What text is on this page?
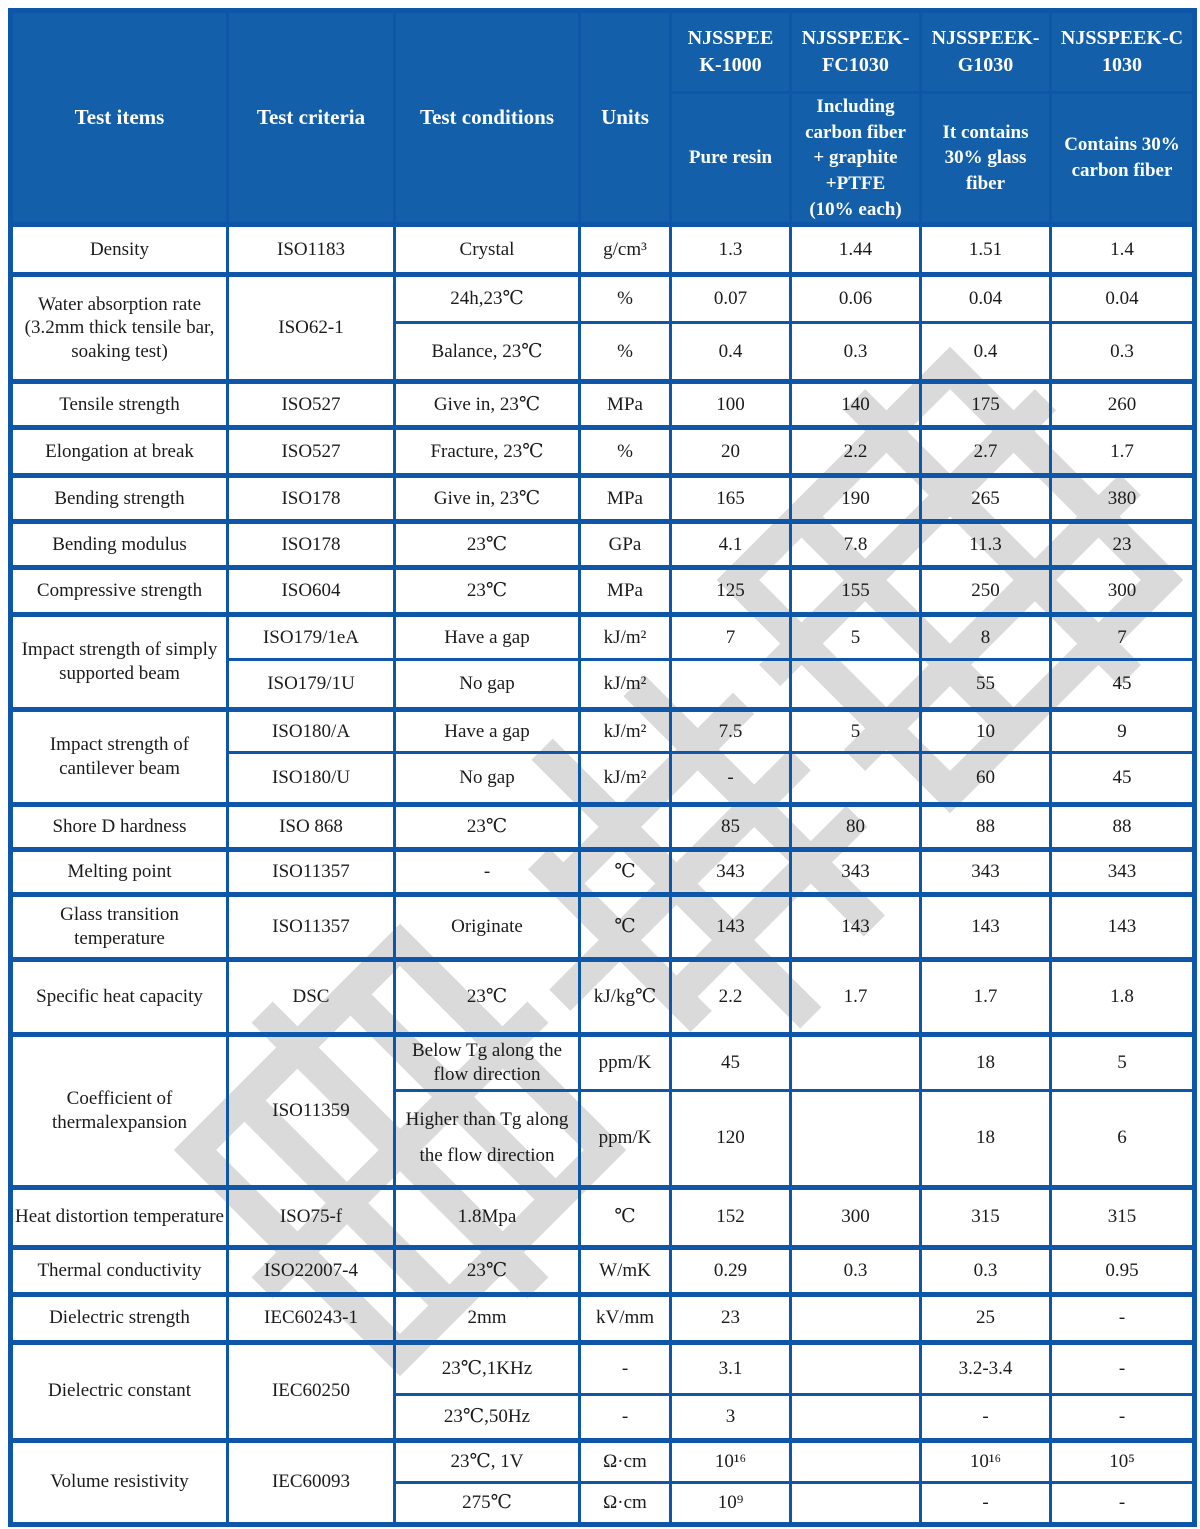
Test items	Test criteria	Test conditions	Units	NJSSPEEK-1000	NJSSPEEK-FC1030	NJSSPEEK-G1030	NJSSPEEK-C1030
				Pure resin	Including carbon fiber + graphite +PTFE (10% each)	It contains 30% glass fiber	Contains 30% carbon fiber
Density	ISO1183	Crystal	g/cm³	1.3	1.44	1.51	1.4
Water absorption rate (3.2mm thick tensile bar, soaking test)	ISO62-1	24h,23℃	%	0.07	0.06	0.04	0.04
		Balance, 23℃	%	0.4	0.3	0.4	0.3
Tensile strength	ISO527	Give in, 23℃	MPa	100	140	175	260
Elongation at break	ISO527	Fracture, 23℃	%	20	2.2	2.7	1.7
Bending strength	ISO178	Give in, 23℃	MPa	165	190	265	380
Bending modulus	ISO178	23℃	GPa	4.1	7.8	11.3	23
Compressive strength	ISO604	23℃	MPa	125	155	250	300
Impact strength of simply supported beam	ISO179/1eA	Have a gap	kJ/m²	7	5	8	7
	ISO179/1U	No gap	kJ/m²			55	45
Impact strength of cantilever beam	ISO180/A	Have a gap	kJ/m²	7.5	5	10	9
	ISO180/U	No gap	kJ/m²	-		60	45
Shore D hardness	ISO 868	23℃		85	80	88	88
Melting point	ISO11357	-	℃	343	343	343	343
Glass transition temperature	ISO11357	Originate	℃	143	143	143	143
Specific heat capacity	DSC	23℃	kJ/kg℃	2.2	1.7	1.7	1.8
Coefficient of thermalexpansion	ISO11359	Below Tg along the flow direction	ppm/K	45		18	5
		Higher than Tg along the flow direction	ppm/K	120		18	6
Heat distortion temperature	ISO75-f	1.8Mpa	℃	152	300	315	315
Thermal conductivity	ISO22007-4	23℃	W/mK	0.29	0.3	0.3	0.95
Dielectric strength	IEC60243-1	2mm	kV/mm	23		25	-
Dielectric constant	IEC60250	23℃,1KHz	-	3.1		3.2-3.4	-
		23℃,50Hz	-	3		-	-
Volume resistivity	IEC60093	23℃, 1V	Ω·cm	10¹⁶		10¹⁶	10⁵
		275℃	Ω·cm	10⁹		-	-
